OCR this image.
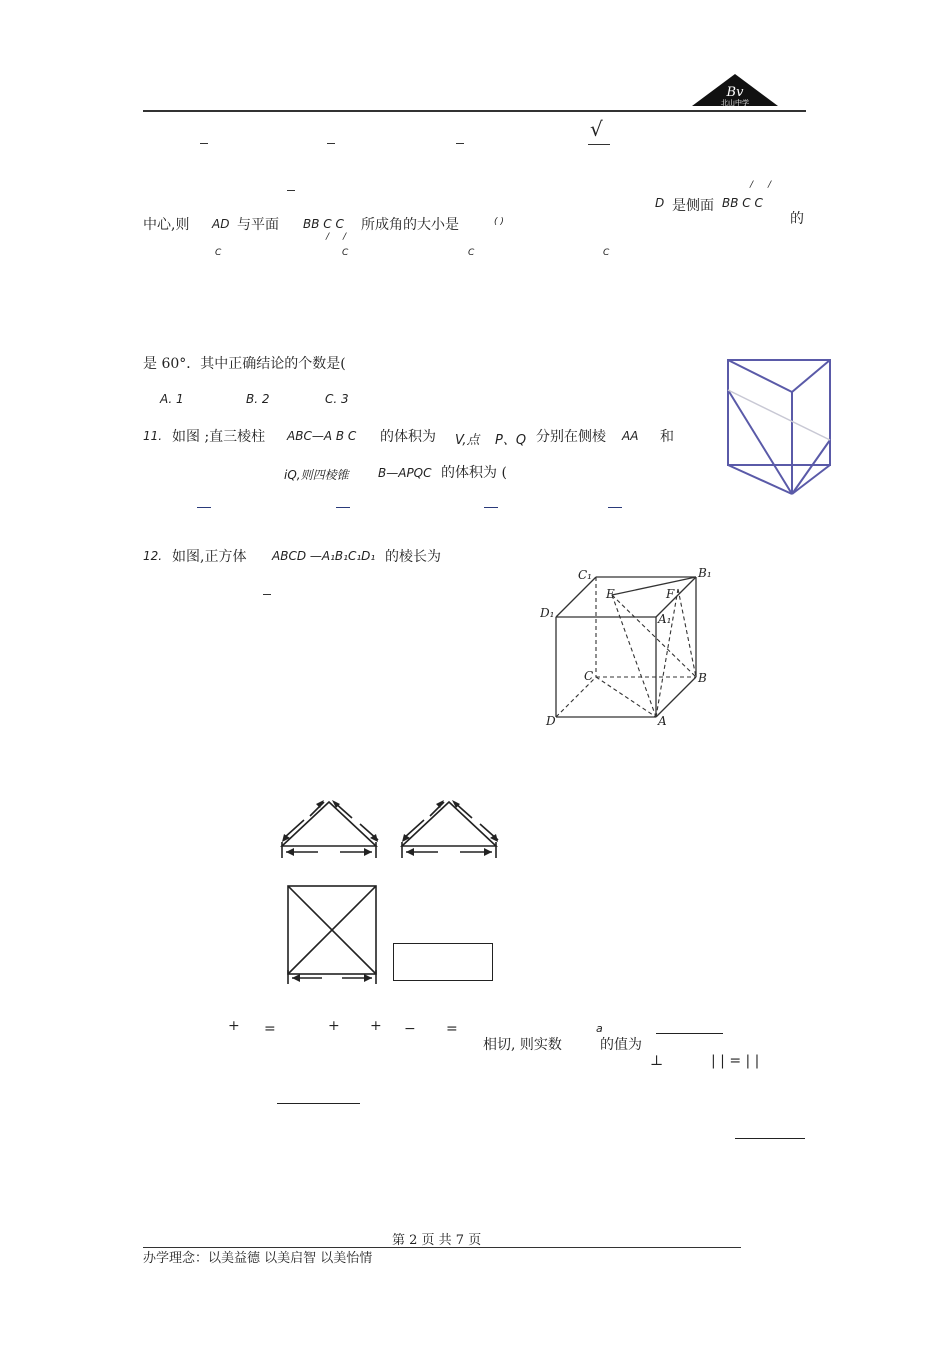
Bv
北山中学
√
D 是侧面 BB C C
/ /
的
中心,则 AD 与平面 BB C C
/ /
所成角的大小是	( )
C	C	C	C
是 60°．其中正确结论的个数是(
A. 1	B. 2	C. 3
11. 如图 ;直三棱柱 ABC—A B C 的体积为 V,点 P、Q 分别在侧棱 AA 和
iQ,则四棱锥 B—APQC 的体积为 (
12. 如图,正方体 ABCD —A₁B₁C₁D₁ 的棱长为
C₁	B₁
D₁	A₁
E	F
C	B
D	A
+ =	+ + − =	a
相切, 则实数	的值为
⊥	| | = | |
第 2 页 共 7 页
办学理念：以美益德 以美启智 以美怡情
